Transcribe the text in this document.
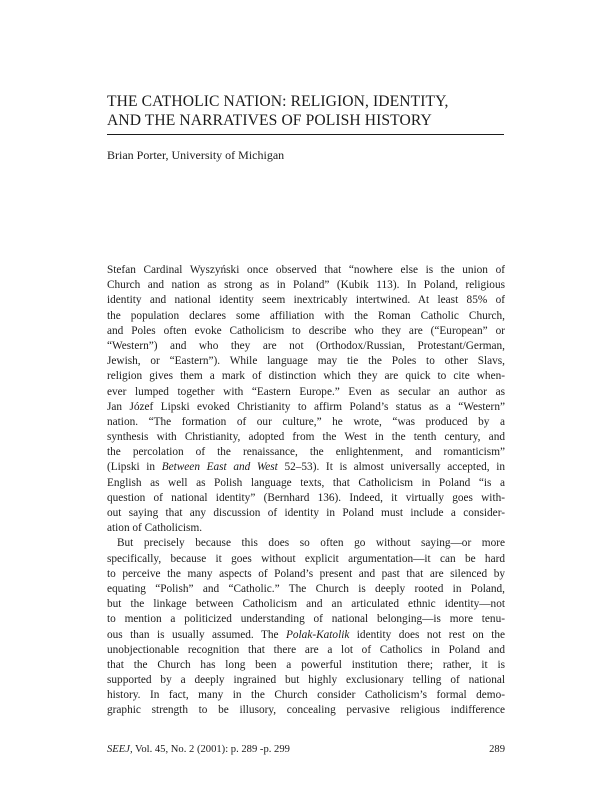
THE CATHOLIC NATION: RELIGION, IDENTITY,
AND THE NARRATIVES OF POLISH HISTORY
Brian Porter, University of Michigan
Stefan Cardinal Wyszyński once observed that “nowhere else is the union of
Church and nation as strong as in Poland” (Kubik 113). In Poland, religious
identity and national identity seem inextricably intertwined. At least 85% of
the population declares some affiliation with the Roman Catholic Church,
and Poles often evoke Catholicism to describe who they are (“European” or
“Western”) and who they are not (Orthodox/Russian, Protestant/German,
Jewish, or “Eastern”). While language may tie the Poles to other Slavs,
religion gives them a mark of distinction which they are quick to cite when-
ever lumped together with “Eastern Europe.” Even as secular an author as
Jan Józef Lipski evoked Christianity to affirm Poland’s status as a “Western”
nation. “The formation of our culture,” he wrote, “was produced by a
synthesis with Christianity, adopted from the West in the tenth century, and
the percolation of the renaissance, the enlightenment, and romanticism”
(Lipski in Between East and West 52–53). It is almost universally accepted, in
English as well as Polish language texts, that Catholicism in Poland “is a
question of national identity” (Bernhard 136). Indeed, it virtually goes with-
out saying that any discussion of identity in Poland must include a consider-
ation of Catholicism.
But precisely because this does so often go without saying—or more
specifically, because it goes without explicit argumentation—it can be hard
to perceive the many aspects of Poland’s present and past that are silenced by
equating “Polish” and “Catholic.” The Church is deeply rooted in Poland,
but the linkage between Catholicism and an articulated ethnic identity—not
to mention a politicized understanding of national belonging—is more tenu-
ous than is usually assumed. The Polak-Katolik identity does not rest on the
unobjectionable recognition that there are a lot of Catholics in Poland and
that the Church has long been a powerful institution there; rather, it is
supported by a deeply ingrained but highly exclusionary telling of national
history. In fact, many in the Church consider Catholicism’s formal demo-
graphic strength to be illusory, concealing pervasive religious indifference
SEEJ, Vol. 45, No. 2 (2001): p. 289 -p. 299	289
